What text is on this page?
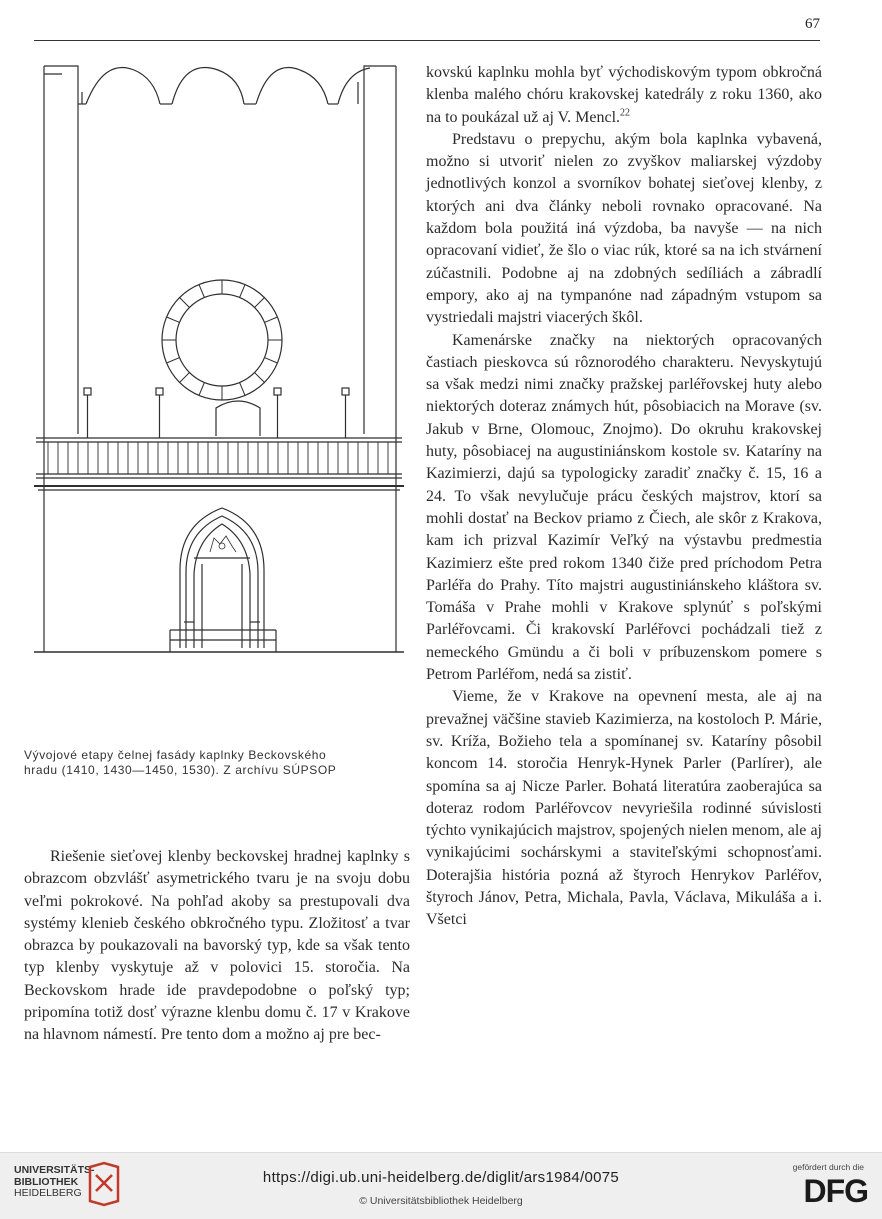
67
Vývojové etapy čelnej fasády kaplnky Beckovského
hradu (1410, 1430—1450, 1530). Z archívu SÚPSOP

Riešenie sieťovej klenby beckovskej hradnej kaplnky s obrazcom obzvlášť asymetrického tvaru je na svoju dobu veľmi pokrokové. Na pohľad akoby sa prestupovali dva systémy klenieb českého obkročného typu. Zložitosť a tvar obrazca by poukazovali na bavorský typ, kde sa však tento typ klenby vyskytuje až v polovici 15. storočia. Na Beckovskom hrade ide pravdepodobne o poľský typ; pripomína totiž dosť výrazne klenbu domu č. 17 v Krakove na hlavnom námestí. Pre tento dom a možno aj pre bec-

kovskú kaplnku mohla byť východiskovým typom obkročná klenba malého chóru krakovskej katedrály z roku 1360, ako na to poukázal už aj V. Mencl.$^{22}$

Predstavu o prepychu, akým bola kaplnka vybavená, možno si utvoriť nielen zo zvyškov maliarskej výzdoby jednotlivých konzol a svorníkov bohatej sieťovej klenby, z ktorých ani dva články neboli rovnako opracované. Na každom bola použitá iná výzdoba, ba navyše — na nich opracovaní vidieť, že šlo o viac rúk, ktoré sa na ich stvárnení zúčastnili. Podobne aj na zdobných sedíliách a zábradlí empory, ako aj na tympanóne nad západným vstupom sa vystriedali majstri viacerých škôl.

Kamenárske značky na niektorých opracovaných častiach pieskovca sú rôznorodého charakteru. Nevyskytujú sa však medzi nimi značky pražskej parléřovskej huty alebo niektorých doteraz známych hút, pôsobiacich na Morave (sv. Jakub v Brne, Olomouc, Znojmo). Do okruhu krakovskej huty, pôsobiacej na augustiniánskom kostole sv. Kataríny na Kazimierzi, dajú sa typologicky zaradiť značky č. 15, 16 a 24. To však nevylučuje prácu českých majstrov, ktorí sa mohli dostať na Beckov priamo z Čiech, ale skôr z Krakova, kam ich prizval Kazimír Veľký na výstavbu predmestia Kazimierz ešte pred rokom 1340 čiže pred príchodom Petra Parléřa do Prahy. Títo majstri augustiniánskeho kláštora sv. Tomáša v Prahe mohli v Krakove splynúť s poľskými Parléřovcami. Či krakovskí Parléřovci pochádzali tiež z nemeckého Gmündu a či boli v príbuzenskom pomere s Petrom Parléřom, nedá sa zistiť.

Vieme, že v Krakove na opevnení mesta, ale aj na prevažnej väčšine stavieb Kazimierza, na kostoloch P. Márie, sv. Kríža, Božieho tela a spomínanej sv. Kataríny pôsobil koncom 14. storočia Henryk-Hynek Parler (Parlírer), ale spomína sa aj Nicze Parler. Bohatá literatúra zaoberajúca sa doteraz rodom Parléřovcov nevyriešila rodinné súvislosti týchto vynikajúcich majstrov, spojených nielen menom, ale aj vynikajúcimi sochárskymi a staviteľskými schopnosťami. Doterajšia história pozná až štyroch Henrykov Parléřov, štyroch Jánov, Petra, Michala, Pavla, Václava, Mikuláša a i. Všetci

UNIVERSITÄTS-
BIBLIOTHEK
HEIDELBERG
https://digi.ub.uni-heidelberg.de/diglit/ars1984/0075
© Universitätsbibliothek Heidelberg
gefördert durch die
DFG
